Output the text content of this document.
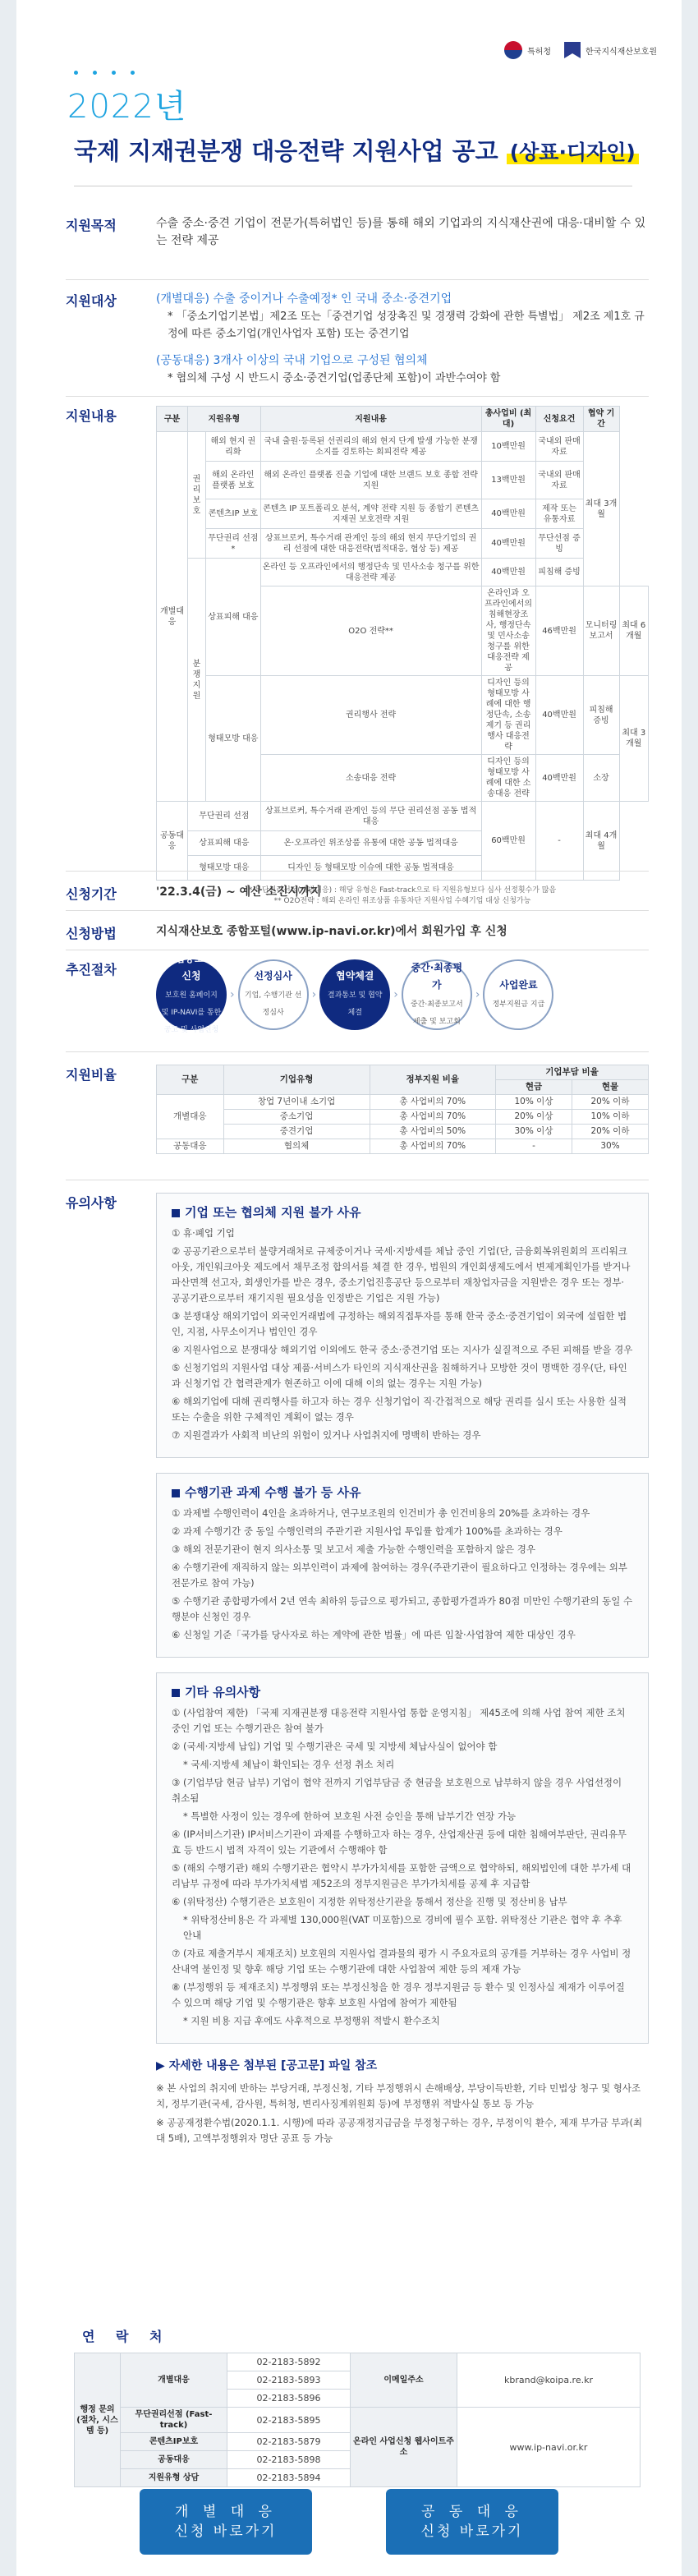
특허청	한국지식재산보호원
2022년
국제 지재권분쟁 대응전략 지원사업 공고 (상표·디자인)
지원목적	수출 중소·중견 기업이 전문가(특허법인 등)를 통해 해외 기업과의 지식재산권에 대응·대비할 수 있는 전략 제공
지원대상	(개별대응) 수출 중이거나 수출예정* 인 국내 중소·중견기업
* 「중소기업기본법」제2조 또는「중견기업 성장촉진 및 경쟁력 강화에 관한 특별법」 제2조 제1호 규정에 따른 중소기업(개인사업자 포함) 또는 중견기업
(공동대응) 3개사 이상의 국내 기업으로 구성된 협의체
* 협의체 구성 시 반드시 중소·중견기업(업종단체 포함)이 과반수여야 함
지원내용	구분	지원유형		지원내용	총사업비 (최대)	신청요건	협약 기간	
개별대응	권리보호	해외 현지 권리화	국내 출원·등록된 선권리의 해외 현지 단계 발생 가능한 분쟁소지를 검토하는 회피전략 제공	10백만원	국내외 판매자료	최대 3개월	
		해외 온라인 플랫폼 보호	해외 온라인 플랫폼 진출 기업에 대한 브랜드 보호 종합 전략 지원	13백만원	국내외 판매자료		
		콘텐츠IP 보호	콘텐츠 IP 포트폴리오 분석, 계약 전략 지원 등 종합기 콘텐츠 지재권 보호전략 지원	40백만원	제작 또는 유통자료		
		무단권리 선점*	상표브로커, 특수거래 관계인 등의 해외 현지 무단기업의 권리 선점에 대한 대응전략(법적대응, 협상 등) 제공	40백만원	무단선점 증빙		
	분쟁지원	상표피해 대응	온라인 등 오프라인에서의 행정단속 및 민사소송 청구를 위한 대응전략 제공	40백만원	피침해 증빙		
			O2O 전략**	온라인과 오프라인에서의 침해현장조사, 행정단속 및 민사소송 청구를 위한 대응전략 제공	46백만원	모니터링 보고서	최대 6개월
		형태모방 대응	권리행사 전략	디자인 등의 형태모방 사례에 대한 행정단속, 소송 제기 등 권리행사 대응전략	40백만원	피침해 증빙	최대 3개월
			소송대응 전략	디자인 등의 형태모방 사례에 대한 소송대응 전략	40백만원	소장	
공동대응	무단권리 선점		상표브로커, 특수거래 관계인 등의 무단 권리선점 공동 법적대응	60백만원	-	최대 4개월	
	상표피해 대응		온·오프라인 위조상품 유통에 대한 공동 법적대응				
	형태모방 대응		디자인 등 형태모방 이슈에 대한 공동 법적대응				
* 무단권리선점(개별대응) : 해당 유형은 Fast-track으로 타 지원유형보다 심사 선정횟수가 많음
** O2O전략 : 해외 온라인 위조상품 유통차단 지원사업 수혜기업 대상 신청가능
신청기간	'22.3.4(금) ~ 예산 소진시까지
신청방법	지식재산보호 종합포털(www.ip-navi.or.kr)에서 회원가입 후 신청
추진절차
사업공고 및 신청
보호원 홈페이지 및 IP-NAVI를 통한 공고 및 사업신청
›
선정심사
기업, 수행기관 선정심사
›
협약체결
결과통보 및 협약 체결
›
중간·최종평가
중간·최종보고서 제출 및 보고회
›
사업완료
정부지원금 지급
지원비율	구분	기업유형	정부지원 비율	기업부담 비율	
			현금	현물
개별대응	창업 7년이내 소기업	총 사업비의 70%	10% 이상	20% 이하
	중소기업	총 사업비의 70%	20% 이상	10% 이하
	중견기업	총 사업비의 50%	30% 이상	20% 이하
공동대응	협의체	총 사업비의 70%	-	30%
유의사항
기업 또는 협의체 지원 불가 사유
① 휴·폐업 기업
② 공공기관으로부터 불량거래처로 규제중이거나 국세·지방세를 체납 중인 기업(단, 금융회복위원회의 프리워크아웃, 개인워크아웃 제도에서 채무조정 합의서를 체결 한 경우, 법원의 개인회생제도에서 변제계획인가를 받거나 파산면책 선고자, 회생인가를 받은 경우, 중소기업진흥공단 등으로부터 재창업자금을 지원받은 경우 또는 정부·공공기관으로부터 재기지원 필요성을 인정받은 기업은 지원 가능)
③ 분쟁대상 해외기업이 외국인거래법에 규정하는 해외직접투자를 통해 한국 중소·중견기업이 외국에 설립한 법인, 지점, 사무소이거나 법인인 경우
④ 지원사업으로 분쟁대상 해외기업 이외에도 한국 중소·중견기업 또는 지사가 실질적으로 주된 피해를 받을 경우
⑤ 신청기업의 지원사업 대상 제품·서비스가 타인의 지식재산권을 침해하거나 모방한 것이 명백한 경우(단, 타인과 신청기업 간 협력관계가 현존하고 이에 대해 이의 없는 경우는 지원 가능)
⑥ 해외기업에 대해 권리행사를 하고자 하는 경우 신청기업이 직·간접적으로 해당 권리를 실시 또는 사용한 실적 또는 수출을 위한 구체적인 계획이 없는 경우
⑦ 지원결과가 사회적 비난의 위험이 있거나 사업취지에 명백히 반하는 경우
수행기관 과제 수행 불가 등 사유
① 과제별 수행인력이 4인을 초과하거나, 연구보조원의 인건비가 총 인건비용의 20%를 초과하는 경우
② 과제 수행기간 중 동일 수행인력의 주관기관 지원사업 투입률 합계가 100%를 초과하는 경우
③ 해외 전문기관이 현지 의사소통 및 보고서 제출 가능한 수행인력을 포함하지 않은 경우
④ 수행기관에 재직하지 않는 외부인력이 과제에 참여하는 경우(주관기관이 필요하다고 인정하는 경우에는 외부전문가로 참여 가능)
⑤ 수행기관 종합평가에서 2년 연속 최하위 등급으로 평가되고, 종합평가결과가 80점 미만인 수행기관의 동일 수행분야 신청인 경우
⑥ 신청일 기준「국가를 당사자로 하는 계약에 관한 법률」에 따른 입찰·사업참여 제한 대상인 경우
기타 유의사항
① (사업참여 제한) 「국제 지재권분쟁 대응전략 지원사업 통합 운영지침」 제45조에 의해 사업 참여 제한 조치중인 기업 또는 수행기관은 참여 불가
② (국세·지방세 납입) 기업 및 수행기관은 국세 및 지방세 체납사실이 없어야 함
* 국세·지방세 체납이 확인되는 경우 선정 취소 처리
③ (기업부담 현금 납부) 기업이 협약 전까지 기업부담금 중 현금을 보호원으로 납부하지 않을 경우 사업선정이 취소됨
* 특별한 사정이 있는 경우에 한하여 보호원 사전 승인을 통해 납부기간 연장 가능
④ (IP서비스기관) IP서비스기관이 과제를 수행하고자 하는 경우, 산업재산권 등에 대한 침해여부판단, 권리유무효 등 반드시 법적 자격이 있는 기관에서 수행해야 함
⑤ (해외 수행기관) 해외 수행기관은 협약시 부가가치세를 포함한 금액으로 협약하되, 해외법인에 대한 부가세 대리납부 규정에 따라 부가가치세법 제52조의 정부지원금은 부가가치세를 공제 후 지급함
⑥ (위탁정산) 수행기관은 보호원이 지정한 위탁정산기관을 통해서 정산을 진행 및 정산비용 납부
* 위탁정산비용은 각 과제별 130,000원(VAT 미포함)으로 경비에 필수 포함. 위탁정산 기관은 협약 후 추후 안내
⑦ (자료 제출거부시 제재조치) 보호원의 지원사업 결과물의 평가 시 주요자료의 공개를 거부하는 경우 사업비 정산내역 불인정 및 향후 해당 기업 또는 수행기관에 대한 사업참여 제한 등의 제재 가능
⑧ (부정행위 등 제재조치) 부정행위 또는 부정신청을 한 경우 정부지원금 등 환수 및 인정사실 제재가 이루어질 수 있으며 해당 기업 및 수행기관은 향후 보호원 사업에 참여가 제한됨
* 지원 비용 지급 후에도 사후적으로 부정행위 적발시 환수조치
▶ 자세한 내용은 첨부된 [공고문] 파일 참조
※ 본 사업의 취지에 반하는 부당거래, 부정신청, 기타 부정행위시 손해배상, 부당이득반환, 기타 민법상 청구 및 형사조치, 정부기관(국세, 감사원, 특허청, 변리사징계위원회 등)에 부정행위 적발사실 통보 등 가능
※ 공공재정환수법(2020.1.1. 시행)에 따라 공공재정지급금을 부정청구하는 경우, 부정이익 환수, 제재 부가금 부과(최대 5배), 고액부정행위자 명단 공표 등 가능
연 락 처
행정 문의 (절차, 시스템 등)	개별대응	02-2183-5892	이메일주소	kbrand@koipa.re.kr
		02-2183-5893		
		02-2183-5896		
	무단권리선점 (Fast-track)	02-2183-5895	온라인 사업신청 웹사이트주소	www.ip-navi.or.kr
	콘텐츠IP보호	02-2183-5879		
	공동대응	02-2183-5898		
	지원유형 상담	02-2183-5894		
개 별 대 응
신청 바로가기
공 동 대 응
신청 바로가기
